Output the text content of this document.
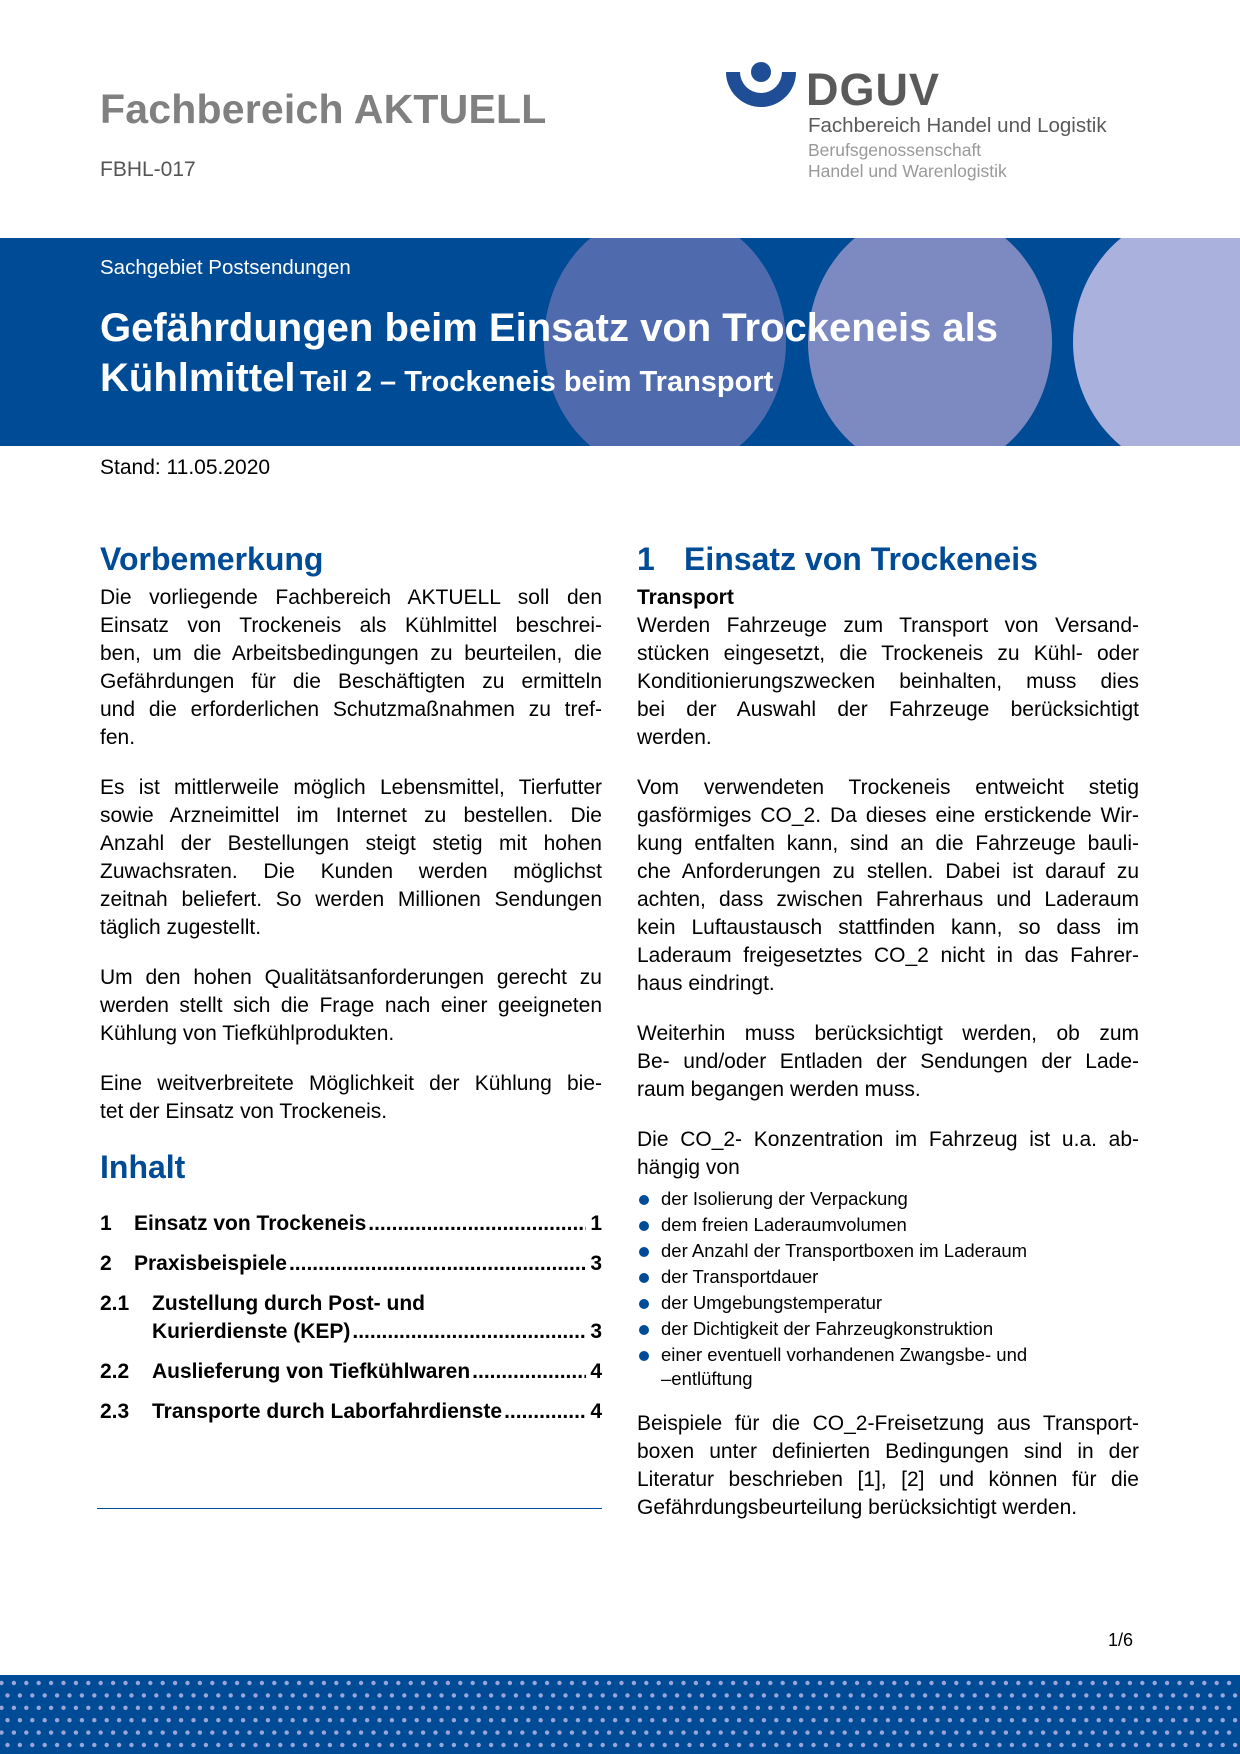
Fachbereich AKTUELL
FBHL-017
DGUV
Fachbereich Handel und Logistik
Berufsgenossenschaft
Handel und Warenlogistik
Sachgebiet Postsendungen
Gefährdungen beim Einsatz von Trockeneis als
Kühlmittel Teil 2 – Trockeneis beim Transport
Stand: 11.05.2020
Vorbemerkung
Die vorliegende Fachbereich AKTUELL soll den
Einsatz von Trockeneis als Kühlmittel beschrei-
ben, um die Arbeitsbedingungen zu beurteilen, die
Gefährdungen für die Beschäftigten zu ermitteln
und die erforderlichen Schutzmaßnahmen zu tref-
fen.
Es ist mittlerweile möglich Lebensmittel, Tierfutter
sowie Arzneimittel im Internet zu bestellen. Die
Anzahl der Bestellungen steigt stetig mit hohen
Zuwachsraten. Die Kunden werden möglichst
zeitnah beliefert. So werden Millionen Sendungen
täglich zugestellt.
Um den hohen Qualitätsanforderungen gerecht zu
werden stellt sich die Frage nach einer geeigneten
Kühlung von Tiefkühlprodukten.
Eine weitverbreitete Möglichkeit der Kühlung bie-
tet der Einsatz von Trockeneis.
Inhalt
1 Einsatz von Trockeneis .....	1
2 Praxisbeispiele .....	3
2.1 Zustellung durch Post- und
Kurierdienste (KEP) .....	3
2.2 Auslieferung von Tiefkühlwaren .....	4
2.3 Transporte durch Laborfahrdienste .....	4
1 Einsatz von Trockeneis
Transport
Werden Fahrzeuge zum Transport von Versand-
stücken eingesetzt, die Trockeneis zu Kühl- oder
Konditionierungszwecken beinhalten, muss dies
bei der Auswahl der Fahrzeuge berücksichtigt
werden.
Vom verwendeten Trockeneis entweicht stetig
gasförmiges CO_2. Da dieses eine erstickende Wir-
kung entfalten kann, sind an die Fahrzeuge bauli-
che Anforderungen zu stellen. Dabei ist darauf zu
achten, dass zwischen Fahrerhaus und Laderaum
kein Luftaustausch stattfinden kann, so dass im
Laderaum freigesetztes CO_2 nicht in das Fahrer-
haus eindringt.
Weiterhin muss berücksichtigt werden, ob zum
Be- und/oder Entladen der Sendungen der Lade-
raum begangen werden muss.
Die CO_2- Konzentration im Fahrzeug ist u.a. ab-
hängig von
der Isolierung der Verpackung
dem freien Laderaumvolumen
der Anzahl der Transportboxen im Laderaum
der Transportdauer
der Umgebungstemperatur
der Dichtigkeit der Fahrzeugkonstruktion
einer eventuell vorhandenen Zwangsbe- und
–entlüftung
Beispiele für die CO_2-Freisetzung aus Transport-
boxen unter definierten Bedingungen sind in der
Literatur beschrieben [1], [2] und können für die
Gefährdungsbeurteilung berücksichtigt werden.
1/6
